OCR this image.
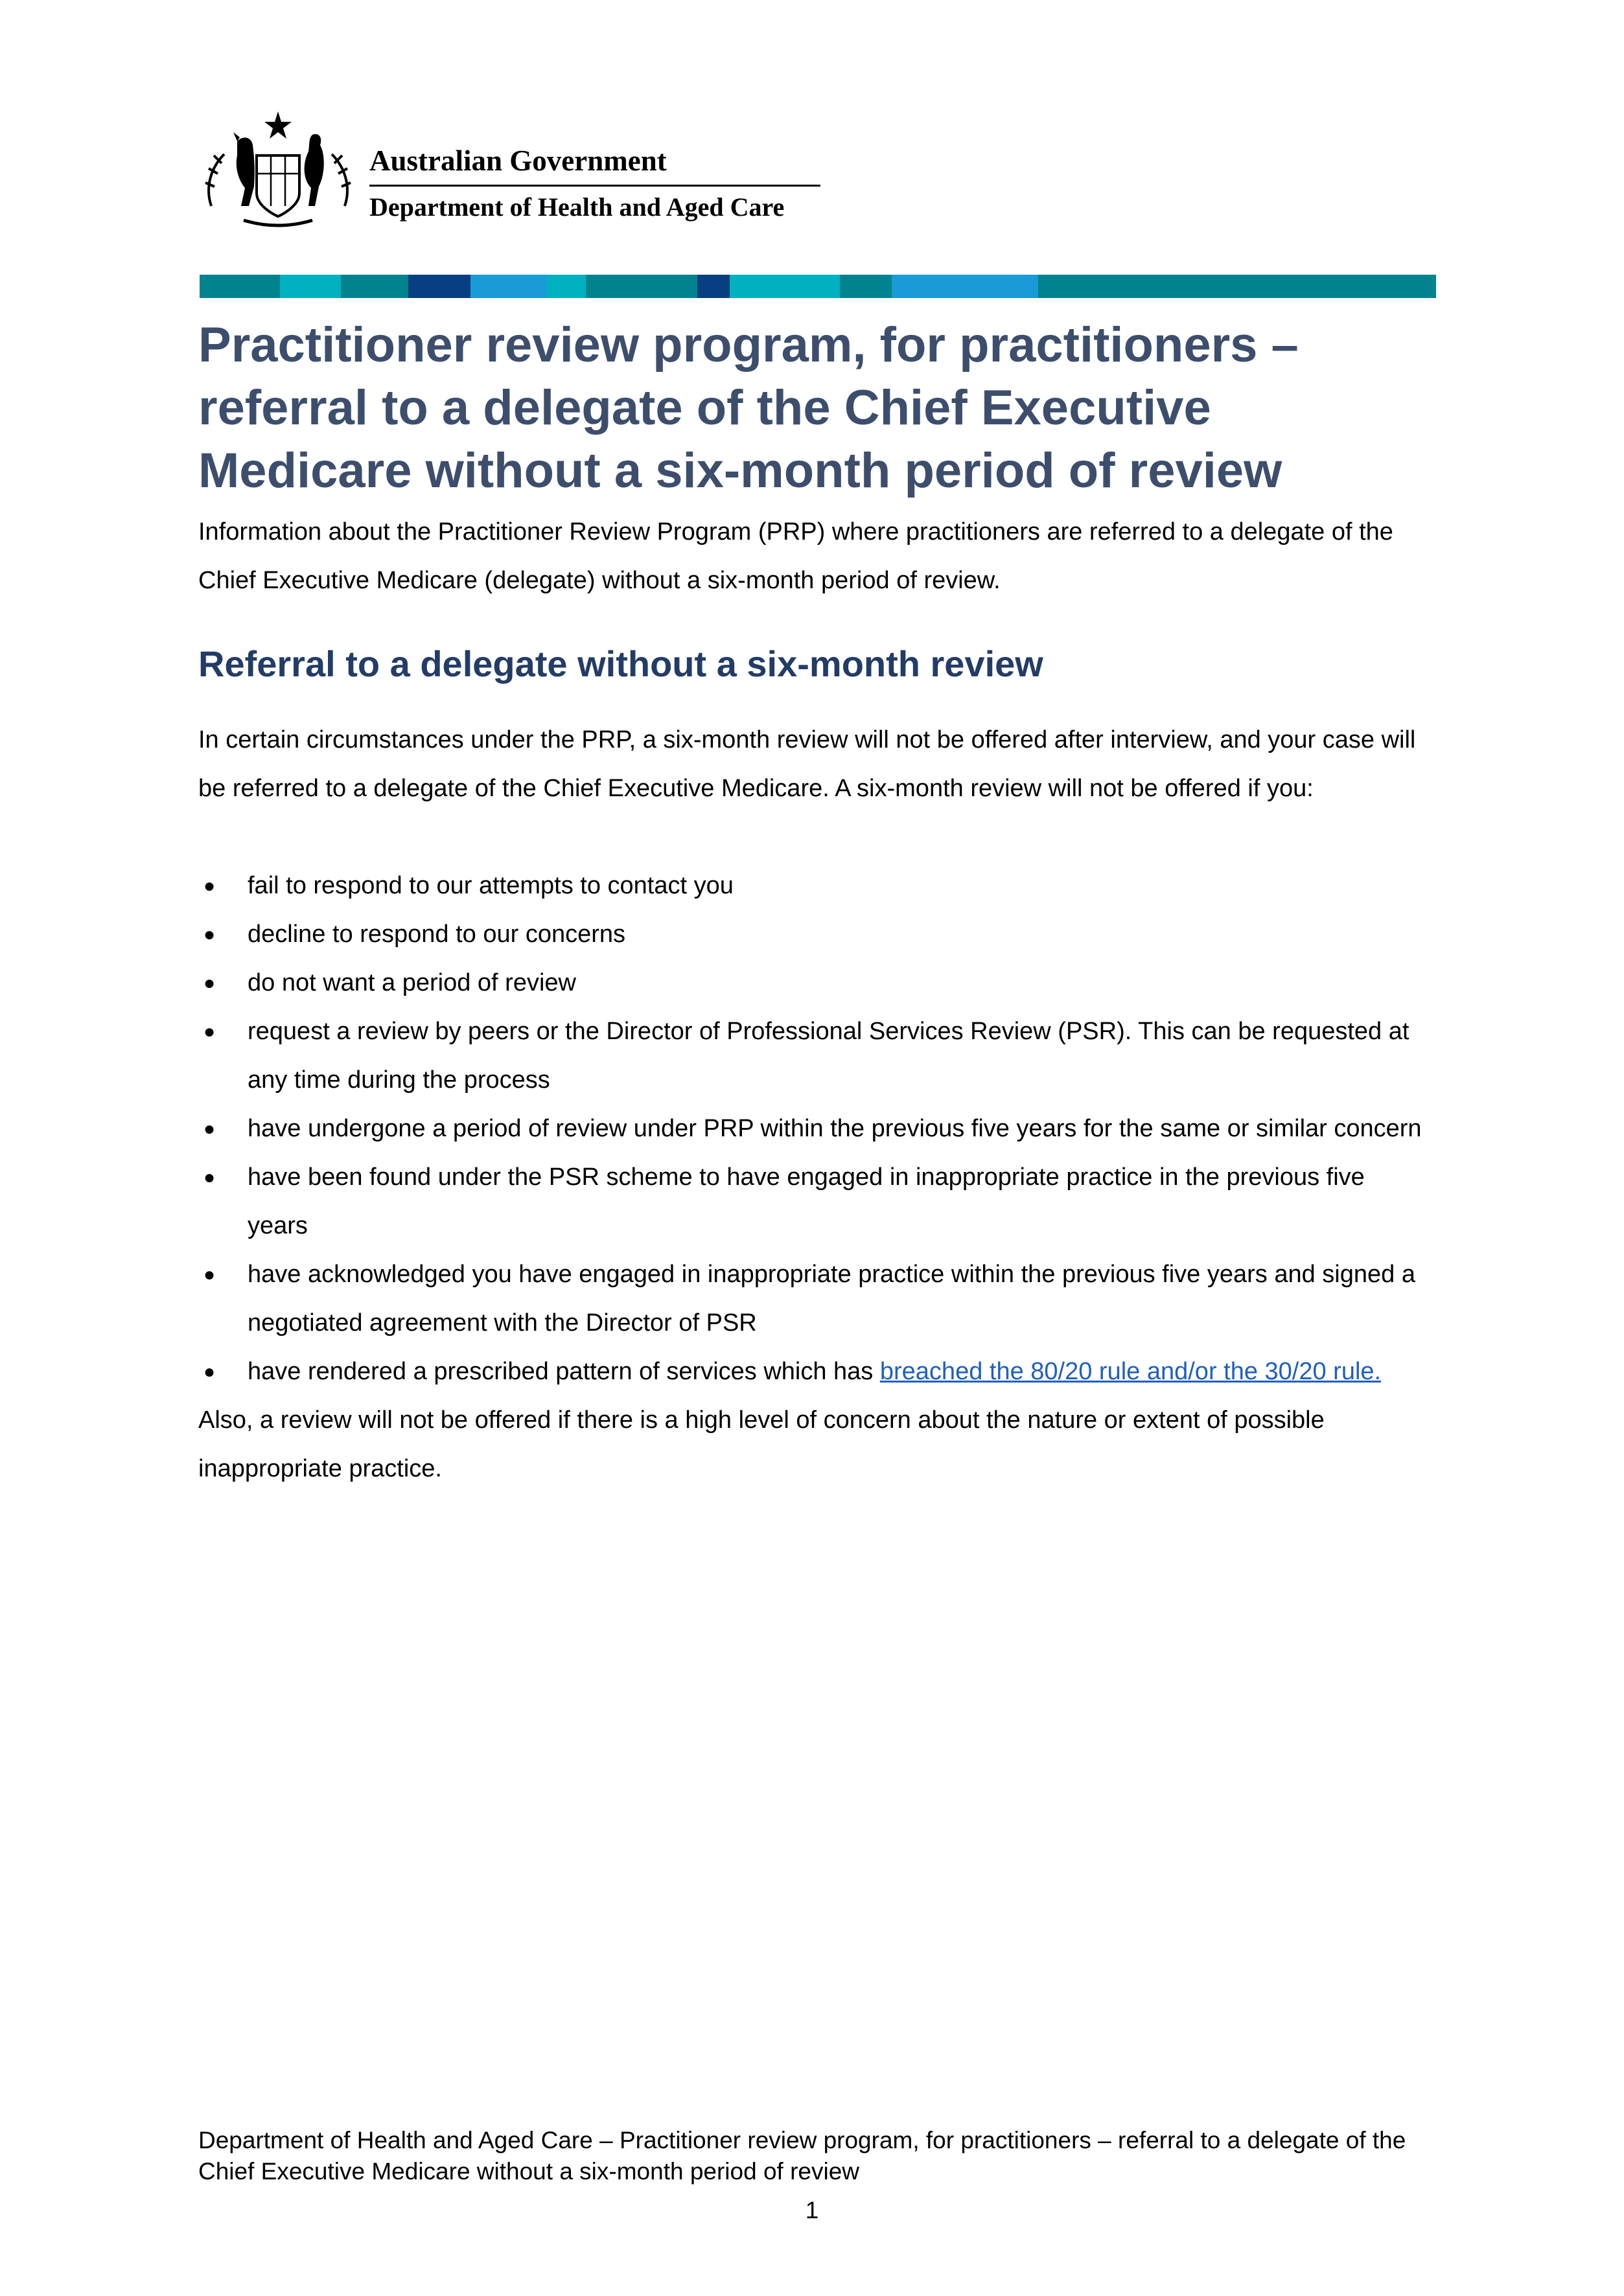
Australian Government
Department of Health and Aged Care
Practitioner review program, for practitioners – referral to a delegate of the Chief Executive Medicare without a six-month period of review

Information about the Practitioner Review Program (PRP) where practitioners are referred to a delegate of the Chief Executive Medicare (delegate) without a six-month period of review.

Referral to a delegate without a six-month review

In certain circumstances under the PRP, a six-month review will not be offered after interview, and your case will be referred to a delegate of the Chief Executive Medicare. A six-month review will not be offered if you:

● fail to respond to our attempts to contact you
● decline to respond to our concerns
● do not want a period of review
● request a review by peers or the Director of Professional Services Review (PSR). This can be requested at any time during the process
● have undergone a period of review under PRP within the previous five years for the same or similar concern
● have been found under the PSR scheme to have engaged in inappropriate practice in the previous five years
● have acknowledged you have engaged in inappropriate practice within the previous five years and signed a negotiated agreement with the Director of PSR
● have rendered a prescribed pattern of services which has breached the 80/20 rule and/or the 30/20 rule.

Also, a review will not be offered if there is a high level of concern about the nature or extent of possible inappropriate practice.

Department of Health and Aged Care – Practitioner review program, for practitioners – referral to a delegate of the Chief Executive Medicare without a six-month period of review

1
